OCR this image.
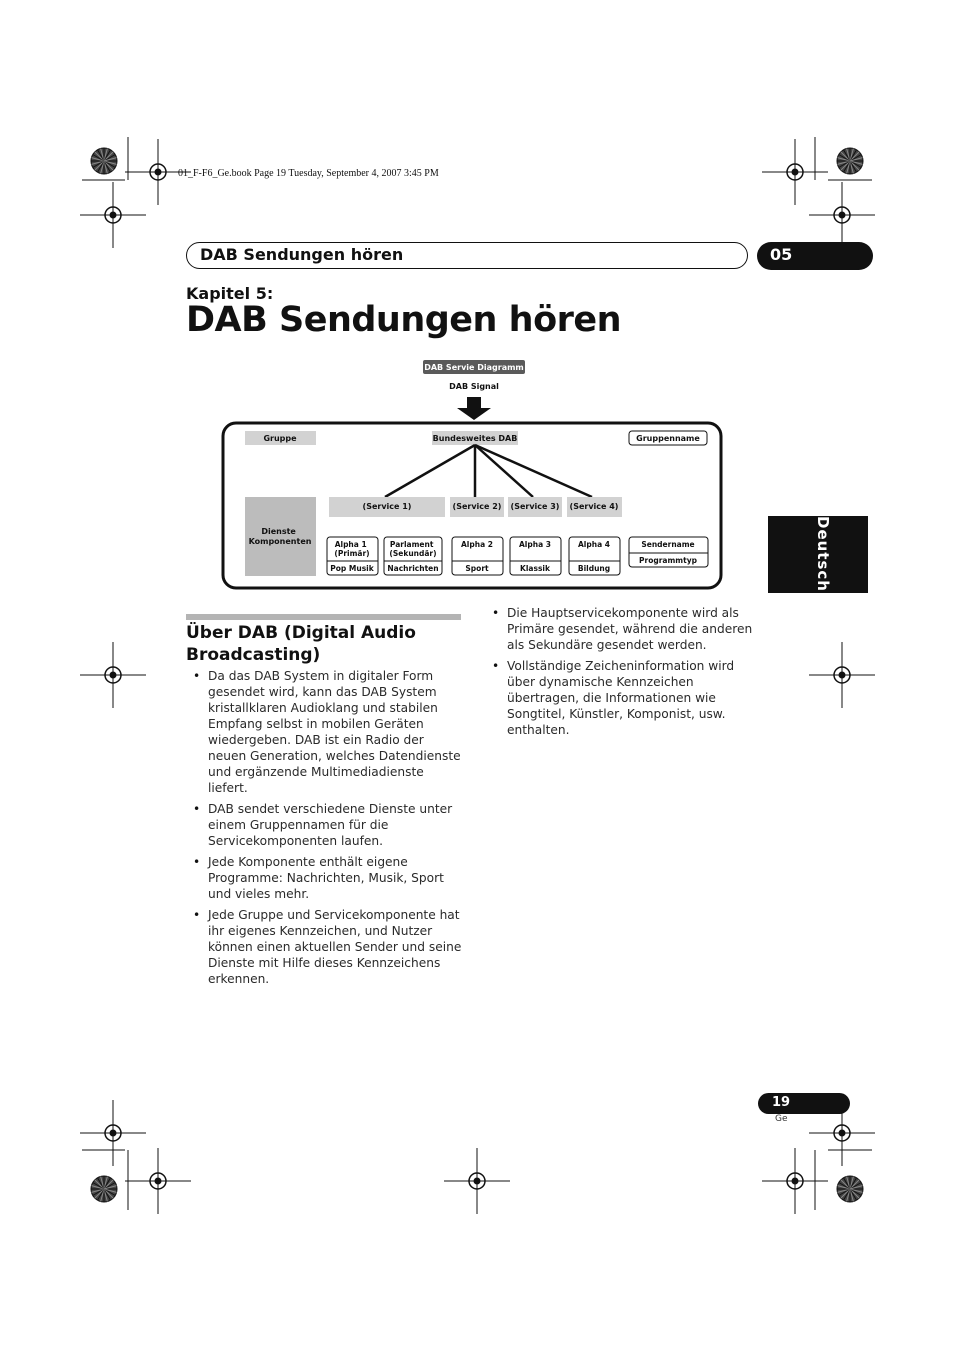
01_F-F6_Ge.book Page 19 Tuesday, September 4, 2007 3:45 PM
DAB Sendungen hören	05
Kapitel 5:
DAB Sendungen hören
Deutsch
DAB Servie Diagramm
DAB Signal
Gruppe	Bundesweites DAB	Gruppenname
Dienste Komponenten
(Service 1)	(Service 2) (Service 3) (Service 4)
Alpha 1 (Primär)
Pop Musik
Parlament (Sekundär)
Nachrichten
Alpha 2
Sport
Alpha 3
Klassik
Alpha 4
Bildung
Sendername
Programmtyp
Über DAB (Digital Audio Broadcasting)
• Da das DAB System in digitaler Form gesendet wird, kann das DAB System kristallklaren Audioklang und stabilen Empfang selbst in mobilen Geräten wiedergeben. DAB ist ein Radio der neuen Generation, welches Datendienste und ergänzende Multimediadienste liefert.
• DAB sendet verschiedene Dienste unter einem Gruppennamen für die Servicekomponenten laufen.
• Jede Komponente enthält eigene Programme: Nachrichten, Musik, Sport und vieles mehr.
• Jede Gruppe und Servicekomponente hat ihr eigenes Kennzeichen, und Nutzer können einen aktuellen Sender und seine Dienste mit Hilfe dieses Kennzeichens erkennen.
• Die Hauptservicekomponente wird als Primäre gesendet, während die anderen als Sekundäre gesendet werden.
• Vollständige Zeicheninformation wird über dynamische Kennzeichen übertragen, die Informationen wie Songtitel, Künstler, Komponist, usw. enthalten.
19
Ge
